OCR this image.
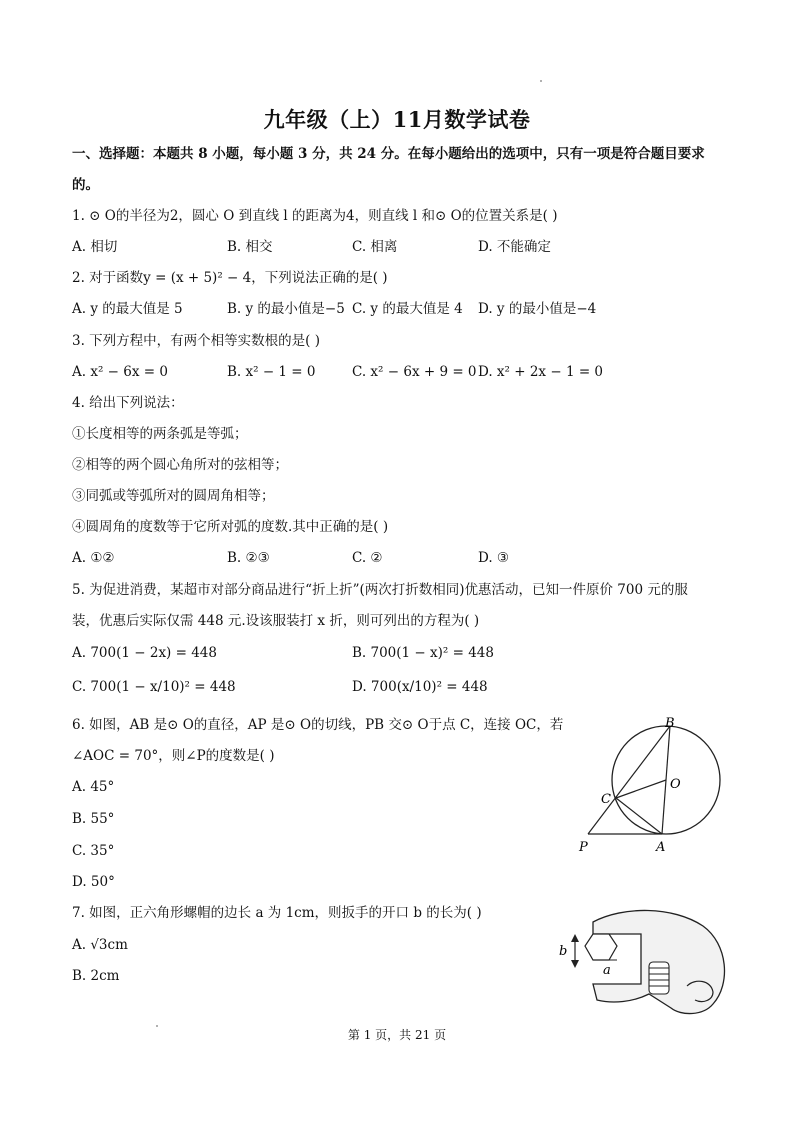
九年级（上）11月数学试卷
一、选择题：本题共 8 小题，每小题 3 分，共 24 分。在每小题给出的选项中，只有一项是符合题目要求
的。
1. ⊙ O的半径为2，圆心 O 到直线 l 的距离为4，则直线 l 和⊙ O的位置关系是( )
A. 相切	B. 相交	C. 相离	D. 不能确定
2. 对于函数y = (x + 5)² − 4，下列说法正确的是( )
A. y 的最大值是 5	B. y 的最小值是−5 C. y 的最大值是 4 D. y 的最小值是−4
3. 下列方程中，有两个相等实数根的是( )
A. x² − 6x = 0	B. x² − 1 = 0	C. x² − 6x + 9 = 0 D. x² + 2x − 1 = 0
4. 给出下列说法：
①长度相等的两条弧是等弧；
②相等的两个圆心角所对的弦相等；
③同弧或等弧所对的圆周角相等；
④圆周角的度数等于它所对弧的度数.其中正确的是( )
A. ①②	B. ②③	C. ②	D. ③
5. 为促进消费，某超市对部分商品进行“折上折”(两次打折数相同)优惠活动，已知一件原价 700 元的服
装，优惠后实际仅需 448 元.设该服装打 x 折，则可列出的方程为( )
A. 700(1 − 2x) = 448	B. 700(1 − x)² = 448
C. 700(1 − x/10)² = 448	D. 700(x/10)² = 448
6. 如图，AB 是⊙ O的直径，AP 是⊙ O的切线，PB 交⊙ O于点 C，连接 OC，若
∠AOC = 70°，则∠P的度数是( )
A. 45°
B. 55°
C. 35°
D. 50°
B
O
C
P	A
7. 如图，正六角形螺帽的边长 a 为 1cm，则扳手的开口 b 的长为( )
A. √3cm
B. 2cm
b
a
第 1 页，共 21 页
